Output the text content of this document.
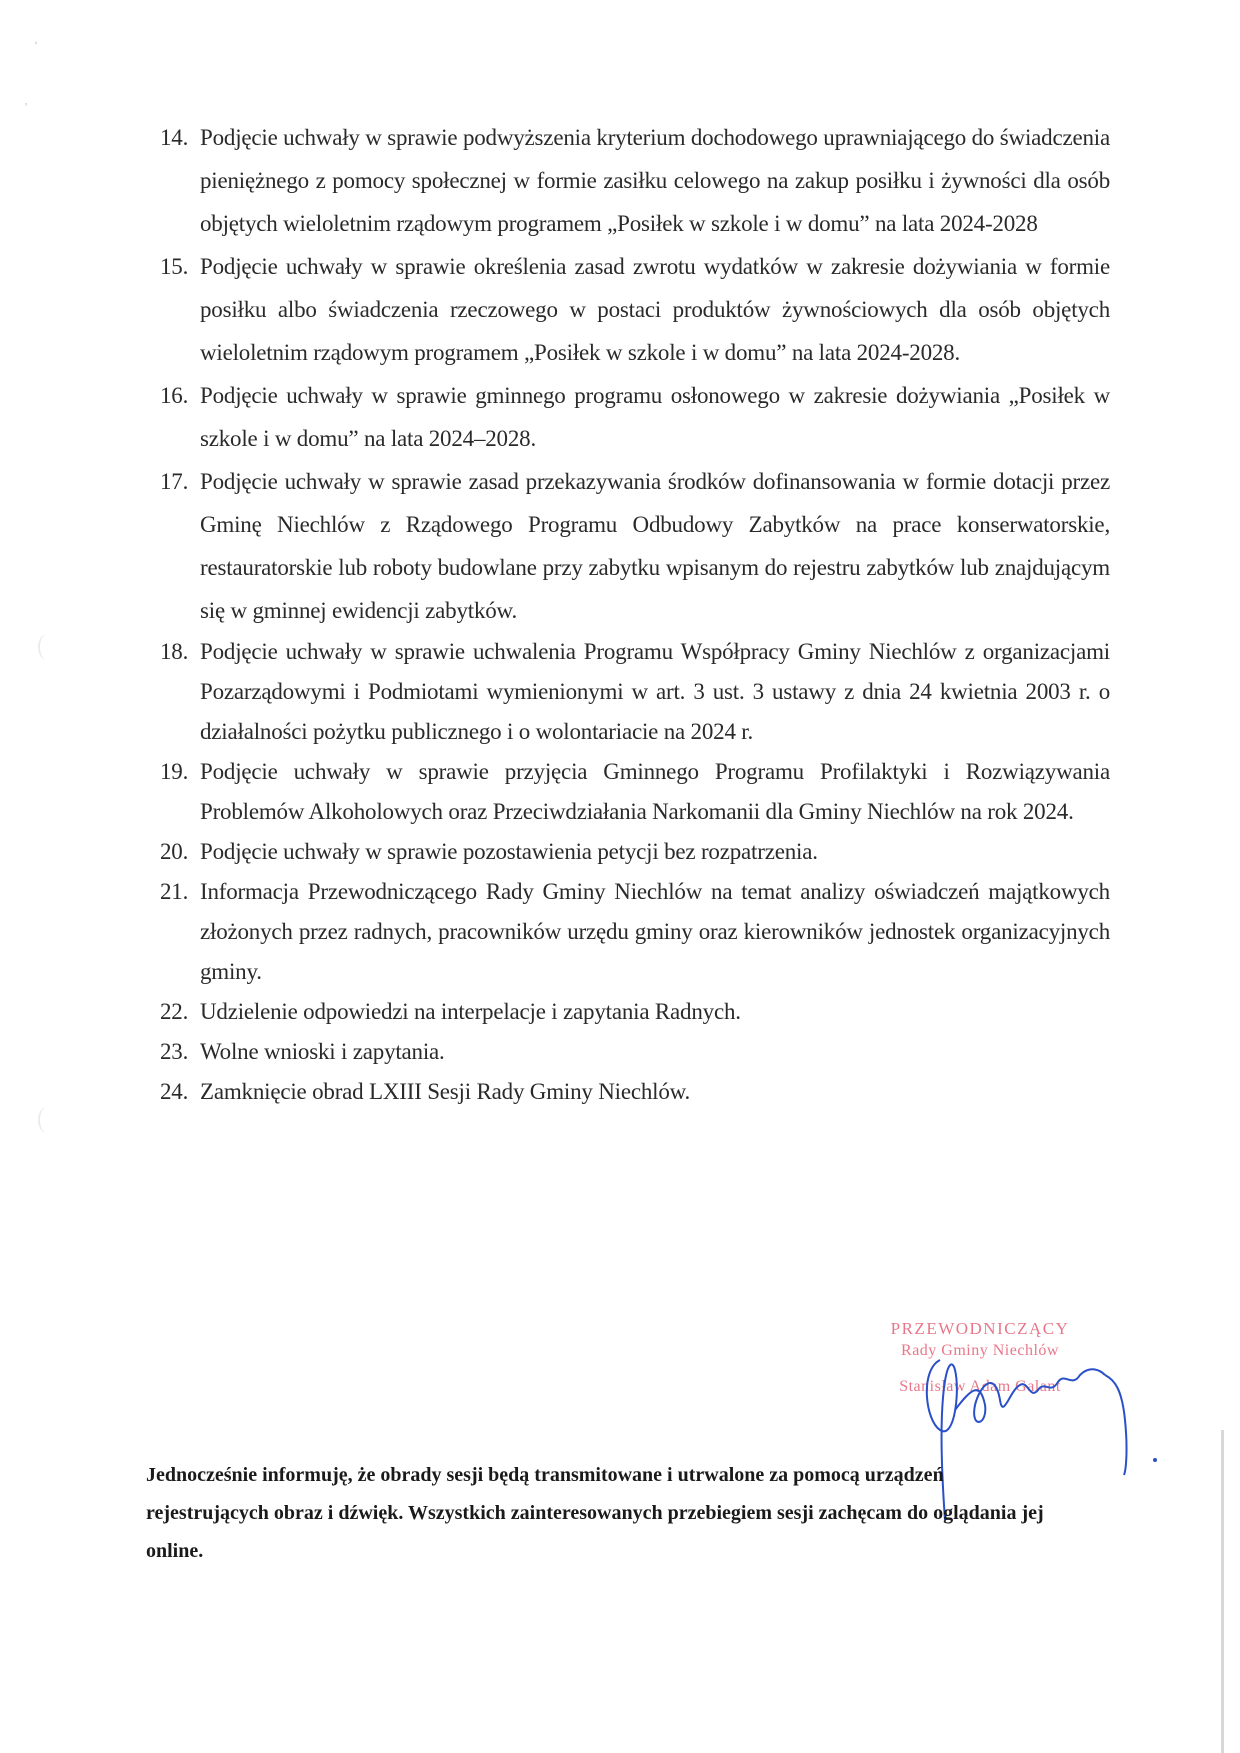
ʻ
ʼ
14. Podjęcie uchwały w sprawie podwyższenia kryterium dochodowego uprawniającego do świadczenia pieniężnego z pomocy społecznej w formie zasiłku celowego na zakup posiłku i żywności dla osób objętych wieloletnim rządowym programem „Posiłek w szkole i w domu” na lata 2024-2028
15. Podjęcie uchwały w sprawie określenia zasad zwrotu wydatków w zakresie dożywiania w formie posiłku albo świadczenia rzeczowego w postaci produktów żywnościowych dla osób objętych wieloletnim rządowym programem „Posiłek w szkole i w domu” na lata 2024-2028.
16. Podjęcie uchwały w sprawie gminnego programu osłonowego w zakresie dożywiania „Posiłek w szkole i w domu” na lata 2024–2028.
17. Podjęcie uchwały w sprawie zasad przekazywania środków dofinansowania w formie dotacji przez Gminę Niechlów z Rządowego Programu Odbudowy Zabytków na prace konserwatorskie, restauratorskie lub roboty budowlane przy zabytku wpisanym do rejestru zabytków lub znajdującym się w gminnej ewidencji zabytków.
18. Podjęcie uchwały w sprawie uchwalenia Programu Współpracy Gminy Niechlów z organizacjami Pozarządowymi i Podmiotami wymienionymi w art. 3 ust. 3 ustawy z dnia 24 kwietnia 2003 r. o działalności pożytku publicznego i o wolontariacie na 2024 r.
19. Podjęcie uchwały w sprawie przyjęcia Gminnego Programu Profilaktyki i Rozwiązywania Problemów Alkoholowych oraz Przeciwdziałania Narkomanii dla Gminy Niechlów na rok 2024.
20. Podjęcie uchwały w sprawie pozostawienia petycji bez rozpatrzenia.
21. Informacja Przewodniczącego Rady Gminy Niechlów na temat analizy oświadczeń majątkowych złożonych przez radnych, pracowników urzędu gminy oraz kierowników jednostek organizacyjnych gminy.
22. Udzielenie odpowiedzi na interpelacje i zapytania Radnych.
23. Wolne wnioski i zapytania.
24. Zamknięcie obrad LXIII Sesji Rady Gminy Niechlów.
PRZEWODNICZĄCY
Rady Gminy Niechlów
Stanisław Adam Galant
Jednocześnie informuję, że obrady sesji będą transmitowane i utrwalone za pomocą urządzeń rejestrujących obraz i dźwięk. Wszystkich zainteresowanych przebiegiem sesji zachęcam do oglądania jej online.
